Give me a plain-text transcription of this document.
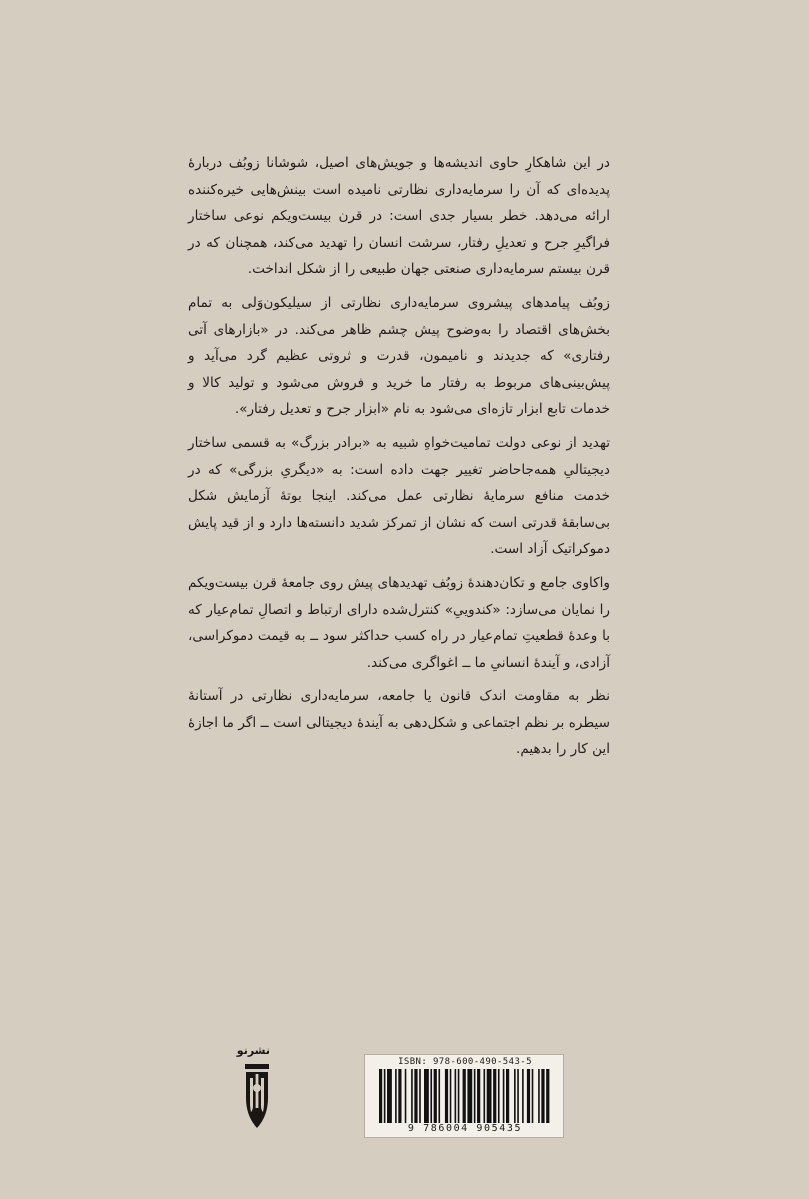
در این شاهکارِ حاوی اندیشه‌ها و جویش‌های اصیل، شوشانا زوبُف دربارهٔ پدیده‌ای که آن را سرمایه‌داری نظارتی نامیده است بینش‌هایی خیره‌کننده ارائه می‌دهد. خطر بسیار جدی است: در قرن بیست‌ویکم نوعی ساختار فراگیرِ جرح و تعدیلِ رفتار، سرشت انسان را تهدید می‌کند، همچنان که در قرن بیستم سرمایه‌داری صنعتی جهان طبیعی را از شکل انداخت.

زوبُف پیامدهای پیشروی سرمایه‌داری نظارتی از سیلیکون‌وَلی به تمام بخش‌های اقتصاد را به‌وضوح پیش چشم ظاهر می‌کند. در «بازارهای آتی رفتاری» که جدیدند و نامیمون، قدرت و ثروتی عظیم گرد می‌آید و پیش‌بینی‌های مربوط به رفتار ما خرید و فروش می‌شود و تولید کالا و خدمات تابع ابزار تازه‌ای می‌شود به نام «ابزار جرح و تعدیل رفتار».

تهدید از نوعی دولت تمامیت‌خواهِ شبیه به «برادر بزرگ» به قسمی ساختار دیجیتالیِ همه‌جاحاضر تغییر جهت داده است: به «دیگریِ بزرگی» که در خدمت منافع سرمایهٔ نظارتی عمل می‌کند. اینجا بوتهٔ آزمایش شکل بی‌سابقهٔ قدرتی است که نشان از تمرکز شدید دانسته‌ها دارد و از قید پایش دموکراتیک آزاد است.

واکاوی جامع و تکان‌دهندهٔ زوبُف تهدیدهای پیش روی جامعهٔ قرن بیست‌ویکم را نمایان می‌سازد: «کندوییِ» کنترل‌شده دارای ارتباط و اتصالِ تمام‌عیار که با وعدهٔ قطعیتِ تمام‌عیار در راه کسب حداکثر سود ــ به قیمت دموکراسی، آزادی، و آیندهٔ انسانیِ ما ــ اغواگری می‌کند.

نظر به مقاومت اندک قانون یا جامعه، سرمایه‌داری نظارتی در آستانهٔ سیطره بر نظم اجتماعی و شکل‌دهی به آیندهٔ دیجیتالی است ــ اگر ما اجازهٔ این کار را بدهیم.

نشرنو
ISBN: 978-600-490-543-5
9 786004 905435
